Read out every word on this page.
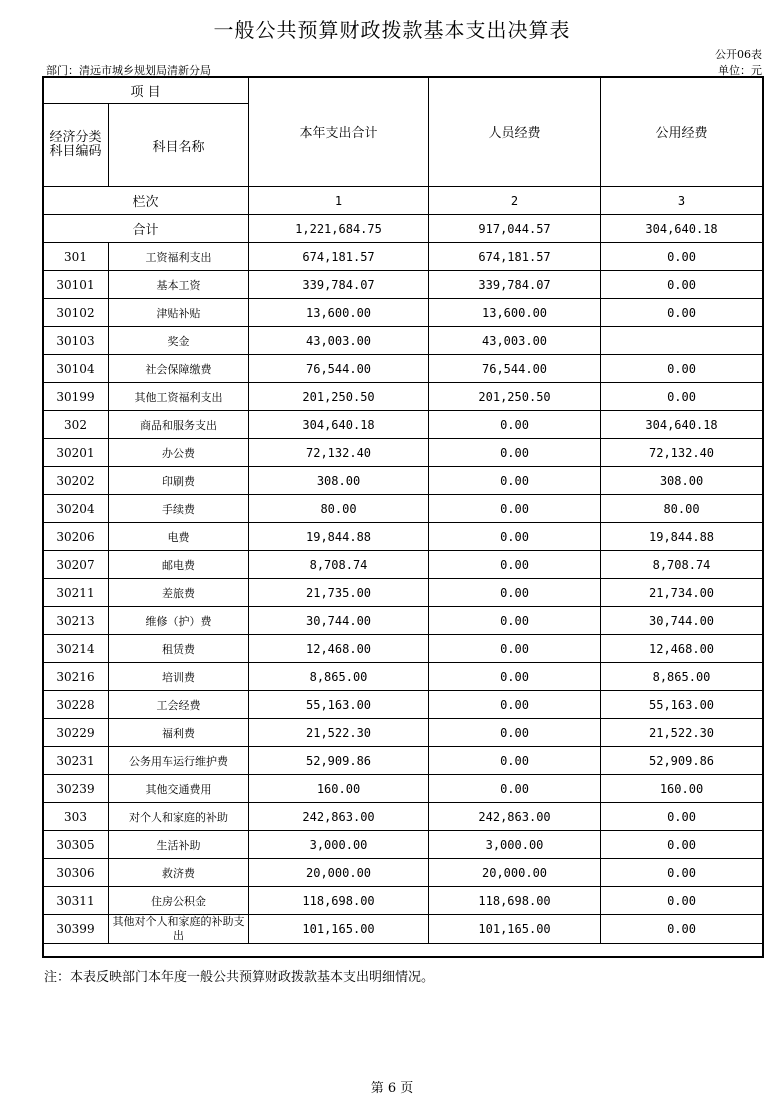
一般公共预算财政拨款基本支出决算表
公开06表
部门：清远市城乡规划局清新分局	单位：元
项 目		本年支出合计	人员经费	公用经费
经济分类科目编码	科目名称			
栏次		1	2	3
合计		1,221,684.75	917,044.57	304,640.18
301	工资福利支出	674,181.57	674,181.57	0.00
30101	基本工资	339,784.07	339,784.07	0.00
30102	津贴补贴	13,600.00	13,600.00	0.00
30103	奖金	43,003.00	43,003.00	
30104	社会保障缴费	76,544.00	76,544.00	0.00
30199	其他工资福利支出	201,250.50	201,250.50	0.00
302	商品和服务支出	304,640.18	0.00	304,640.18
30201	办公费	72,132.40	0.00	72,132.40
30202	印刷费	308.00	0.00	308.00
30204	手续费	80.00	0.00	80.00
30206	电费	19,844.88	0.00	19,844.88
30207	邮电费	8,708.74	0.00	8,708.74
30211	差旅费	21,735.00	0.00	21,734.00
30213	维修（护）费	30,744.00	0.00	30,744.00
30214	租赁费	12,468.00	0.00	12,468.00
30216	培训费	8,865.00	0.00	8,865.00
30228	工会经费	55,163.00	0.00	55,163.00
30229	福利费	21,522.30	0.00	21,522.30
30231	公务用车运行维护费	52,909.86	0.00	52,909.86
30239	其他交通费用	160.00	0.00	160.00
303	对个人和家庭的补助	242,863.00	242,863.00	0.00
30305	生活补助	3,000.00	3,000.00	0.00
30306	救济费	20,000.00	20,000.00	0.00
30311	住房公积金	118,698.00	118,698.00	0.00
30399	其他对个人和家庭的补助支出	101,165.00	101,165.00	0.00
注：本表反映部门本年度一般公共预算财政拨款基本支出明细情况。
第 6 页
